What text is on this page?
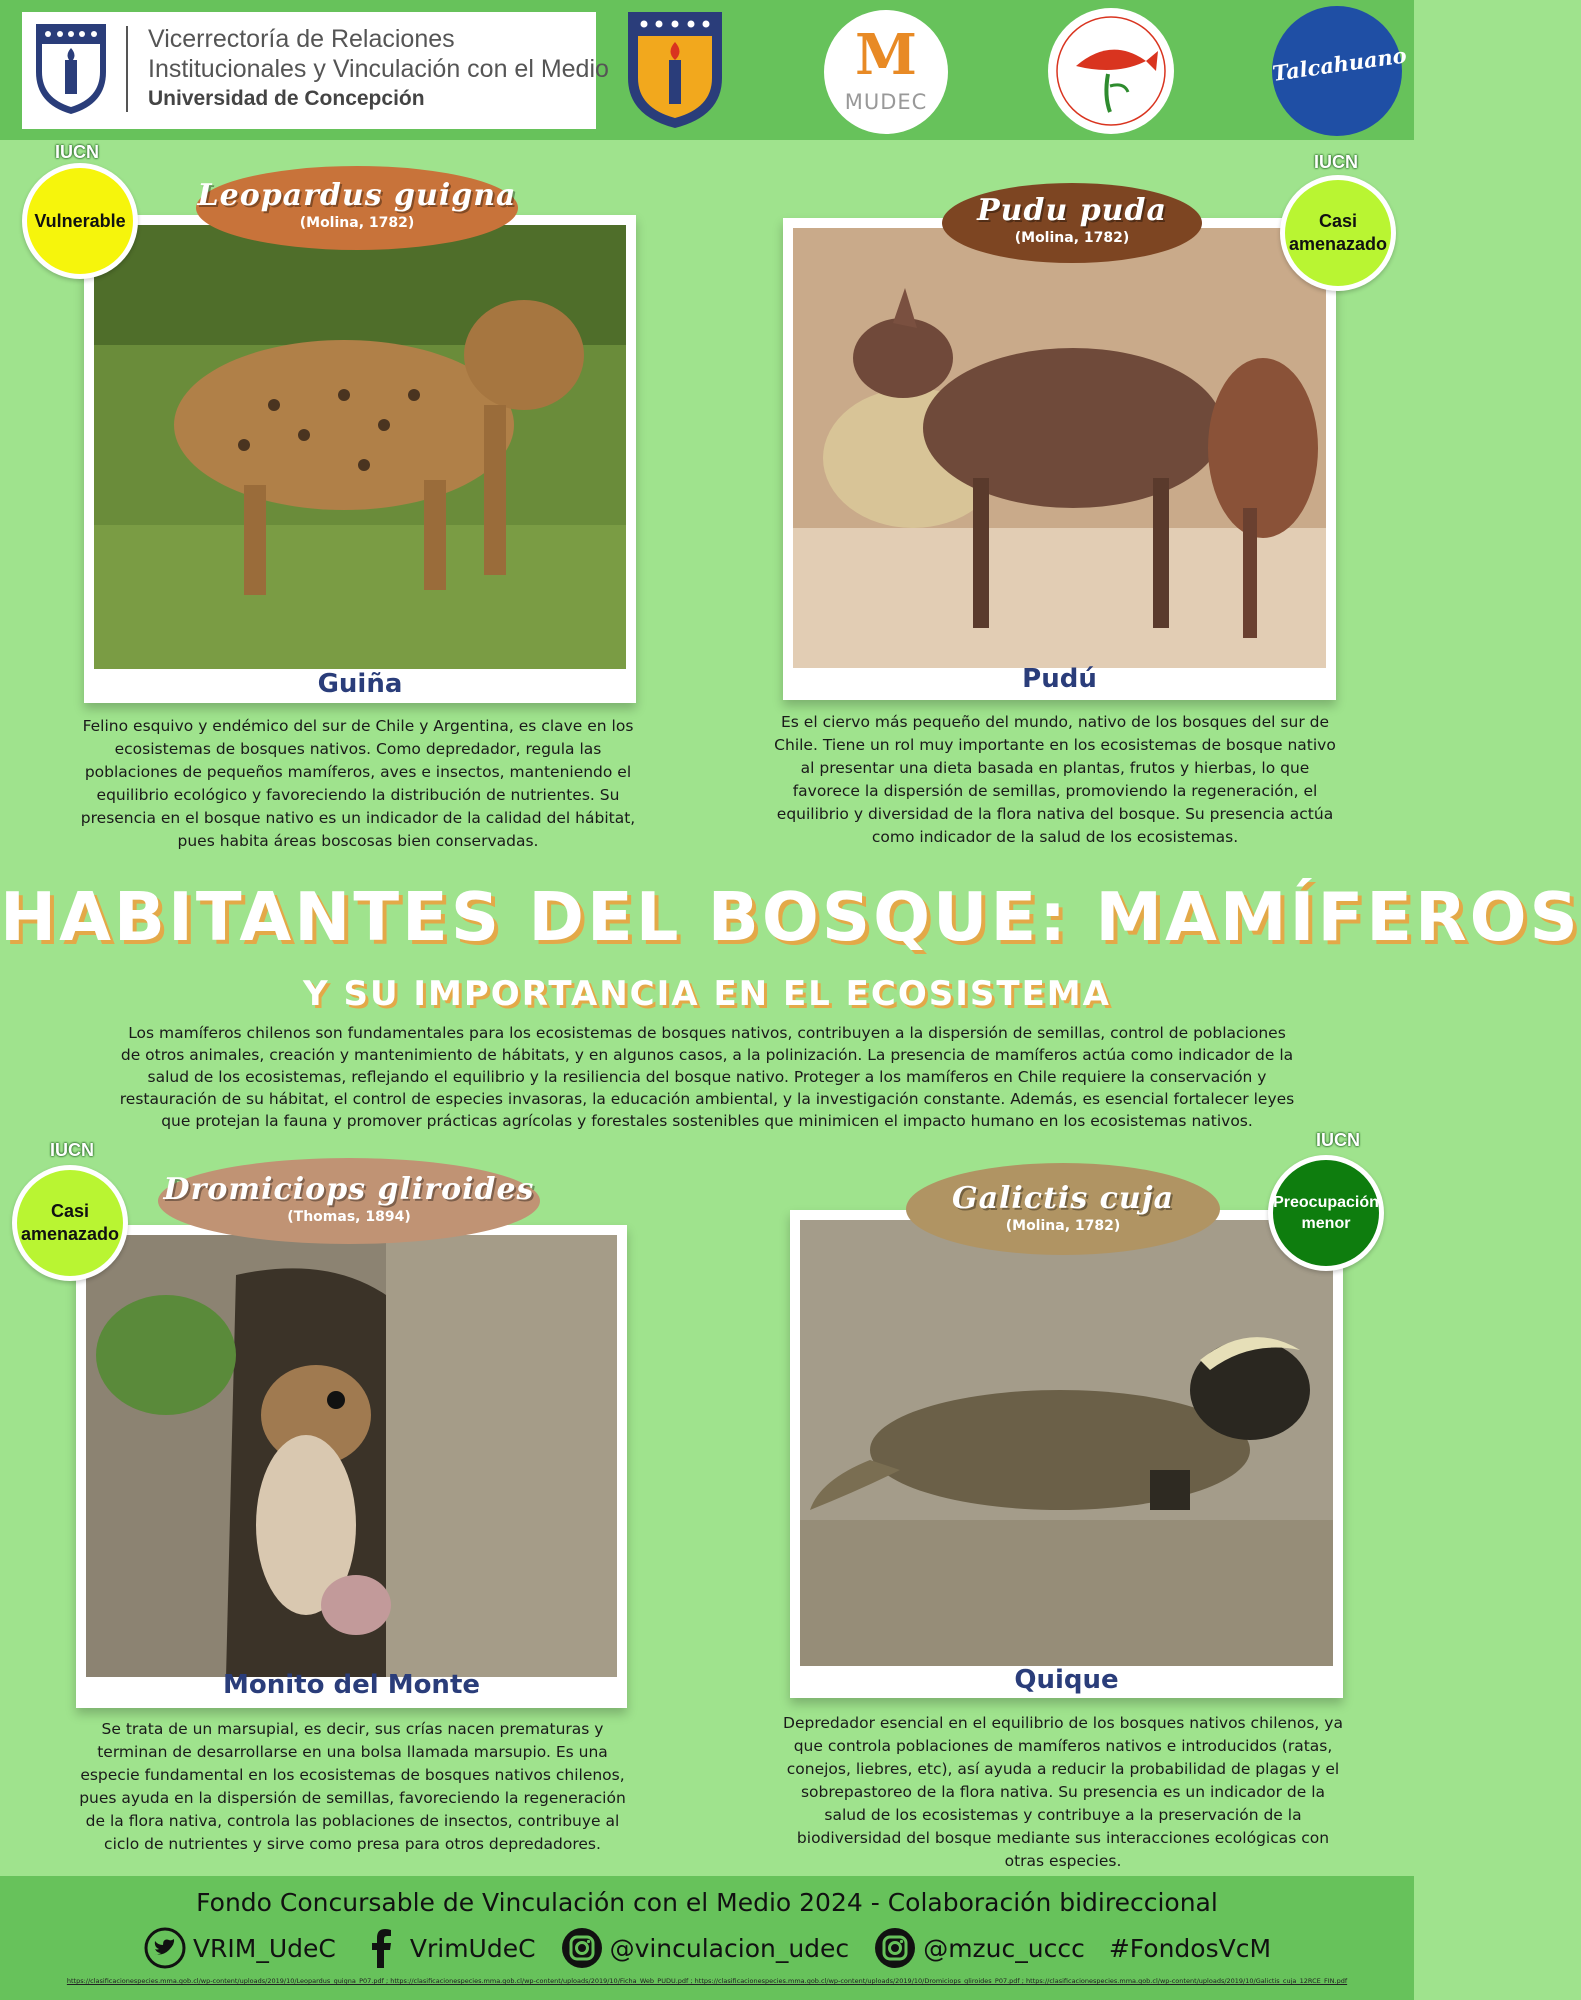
Vicerrectoría de Relaciones
Institucionales y Vinculación con el Medio
Universidad de Concepción
M
MUDEC
Talcahuano
IUCN
Guiña
Leopardus guigna
(Molina, 1782)
Vulnerable
Felino esquivo y endémico del sur de Chile y Argentina, es clave en los ecosistemas de bosques nativos. Como depredador, regula las poblaciones de pequeños mamíferos, aves e insectos, manteniendo el equilibrio ecológico y favoreciendo la distribución de nutrientes. Su presencia en el bosque nativo es un indicador de la calidad del hábitat, pues habita áreas boscosas bien conservadas.
IUCN
Pudú
Pudu puda
(Molina, 1782)
Casi amenazado
Es el ciervo más pequeño del mundo, nativo de los bosques del sur de Chile. Tiene un rol muy importante en los ecosistemas de bosque nativo al presentar una dieta basada en plantas, frutos y hierbas, lo que favorece la dispersión de semillas, promoviendo la regeneración, el equilibrio y diversidad de la flora nativa del bosque. Su presencia actúa como indicador de la salud de los ecosistemas.
HABITANTES DEL BOSQUE: MAMÍFEROS
Y SU IMPORTANCIA EN EL ECOSISTEMA
Los mamíferos chilenos son fundamentales para los ecosistemas de bosques nativos, contribuyen a la dispersión de semillas, control de poblaciones de otros animales, creación y mantenimiento de hábitats, y en algunos casos, a la polinización. La presencia de mamíferos actúa como indicador de la salud de los ecosistemas, reflejando el equilibrio y la resiliencia del bosque nativo. Proteger a los mamíferos en Chile requiere la conservación y restauración de su hábitat, el control de especies invasoras, la educación ambiental, y la investigación constante. Además, es esencial fortalecer leyes que protejan la fauna y promover prácticas agrícolas y forestales sostenibles que minimicen el impacto humano en los ecosistemas nativos.
IUCN
Monito del Monte
Dromiciops gliroides
(Thomas, 1894)
Casi amenazado
Se trata de un marsupial, es decir, sus crías nacen prematuras y terminan de desarrollarse en una bolsa llamada marsupio. Es una especie fundamental en los ecosistemas de bosques nativos chilenos, pues ayuda en la dispersión de semillas, favoreciendo la regeneración de la flora nativa, controla las poblaciones de insectos, contribuye al ciclo de nutrientes y sirve como presa para otros depredadores.
IUCN
Quique
Galictis cuja
(Molina, 1782)
Preocupación menor
Depredador esencial en el equilibrio de los bosques nativos chilenos, ya que controla poblaciones de mamíferos nativos e introducidos (ratas, conejos, liebres, etc), así ayuda a reducir la probabilidad de plagas y el sobrepastoreo de la flora nativa. Su presencia es un indicador de la salud de los ecosistemas y contribuye a la preservación de la biodiversidad del bosque mediante sus interacciones ecológicas con otras especies.
Fondo Concursable de Vinculación con el Medio 2024 - Colaboración bidireccional
VRIM_UdeC	VrimUdeC	@vinculacion_udec	@mzuc_uccc #FondosVcM
https://clasificacionespecies.mma.gob.cl/wp-content/uploads/2019/10/Leopardus_guigna_P07.pdf ; https://clasificacionespecies.mma.gob.cl/wp-content/uploads/2019/10/Ficha_Web_PUDU.pdf ; https://clasificacionespecies.mma.gob.cl/wp-content/uploads/2019/10/Dromiciops_gliroides_P07.pdf ; https://clasificacionespecies.mma.gob.cl/wp-content/uploads/2019/10/Galictis_cuja_12RCE_FIN.pdf
